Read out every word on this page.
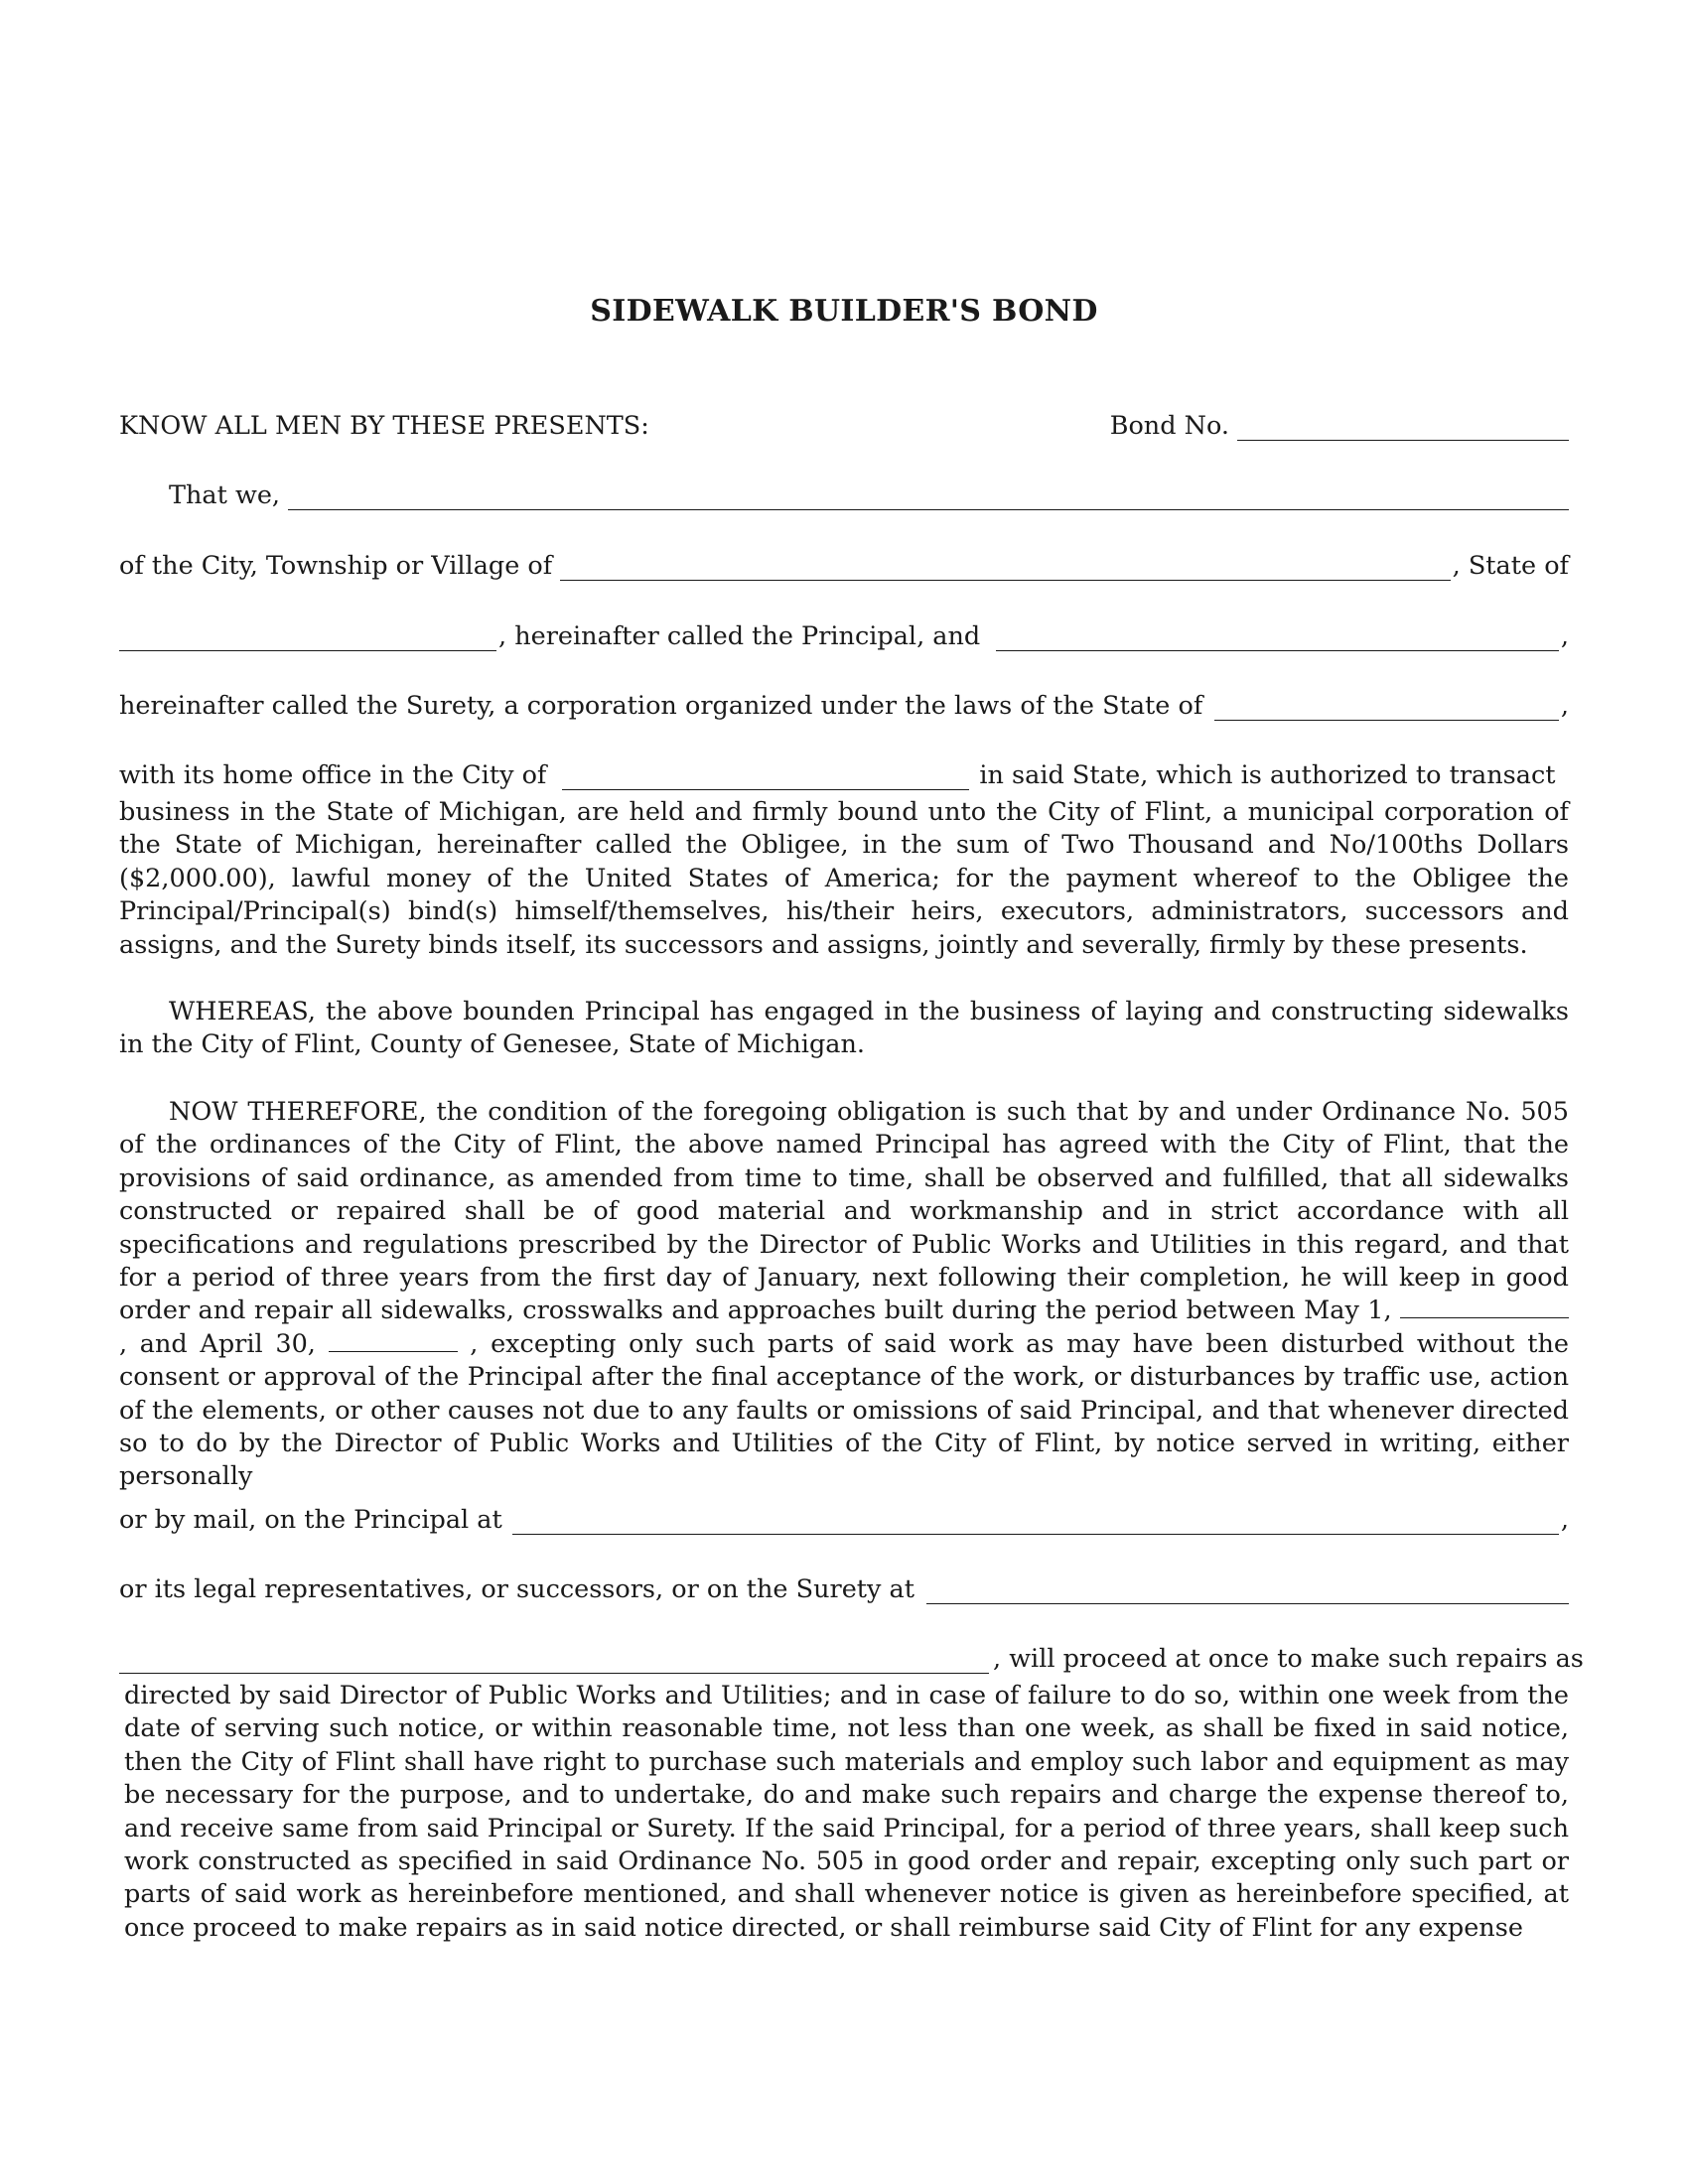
SIDEWALK BUILDER'S BOND
KNOW ALL MEN BY THESE PRESENTS:	Bond No.
That we,
of the City, Township or Village of	, State of
, hereinafter called the Principal, and	,
hereinafter called the Surety, a corporation organized under the laws of the State of	,
with its home office in the City of	in said State, which is authorized to transact

business in the State of Michigan, are held and firmly bound unto the City of Flint, a municipal corporation of the State of Michigan, hereinafter called the Obligee, in the sum of Two Thousand and No/100ths Dollars ($2,000.00), lawful money of the United States of America; for the payment whereof to the Obligee the Principal/Principal(s) bind(s) himself/themselves, his/their heirs, executors, administrators, successors and assigns, and the Surety binds itself, its successors and assigns, jointly and severally, firmly by these presents.

WHEREAS, the above bounden Principal has engaged in the business of laying and constructing sidewalks in the City of Flint, County of Genesee, State of Michigan.

NOW THEREFORE, the condition of the foregoing obligation is such that by and under Ordinance No. 505 of the ordinances of the City of Flint, the above named Principal has agreed with the City of Flint, that the provisions of said ordinance, as amended from time to time, shall be observed and fulfilled, that all sidewalks constructed or repaired shall be of good material and workmanship and in strict accordance with all specifications and regulations prescribed by the Director of Public Works and Utilities in this regard, and that for a period of three years from the first day of January, next following their completion, he will keep in good order and repair all sidewalks, crosswalks and approaches built during the period between May 1, , and April 30,	, excepting only such parts of said work as may have been disturbed without the consent or approval of the Principal after the final acceptance of the work, or disturbances by traffic use, action of the elements, or other causes not due to any faults or omissions of said Principal, and that whenever directed so to do by the Director of Public Works and Utilities of the City of Flint, by notice served in writing, either personally

or by mail, on the Principal at	,
or its legal representatives, or successors, or on the Surety at
, will proceed at once to make such repairs as

directed by said Director of Public Works and Utilities; and in case of failure to do so, within one week from the date of serving such notice, or within reasonable time, not less than one week, as shall be fixed in said notice, then the City of Flint shall have right to purchase such materials and employ such labor and equipment as may be necessary for the purpose, and to undertake, do and make such repairs and charge the expense thereof to, and receive same from said Principal or Surety. If the said Principal, for a period of three years, shall keep such work constructed as specified in said Ordinance No. 505 in good order and repair, excepting only such part or parts of said work as hereinbefore mentioned, and shall whenever notice is given as hereinbefore specified, at once proceed to make repairs as in said notice directed, or shall reimburse said City of Flint for any expense
